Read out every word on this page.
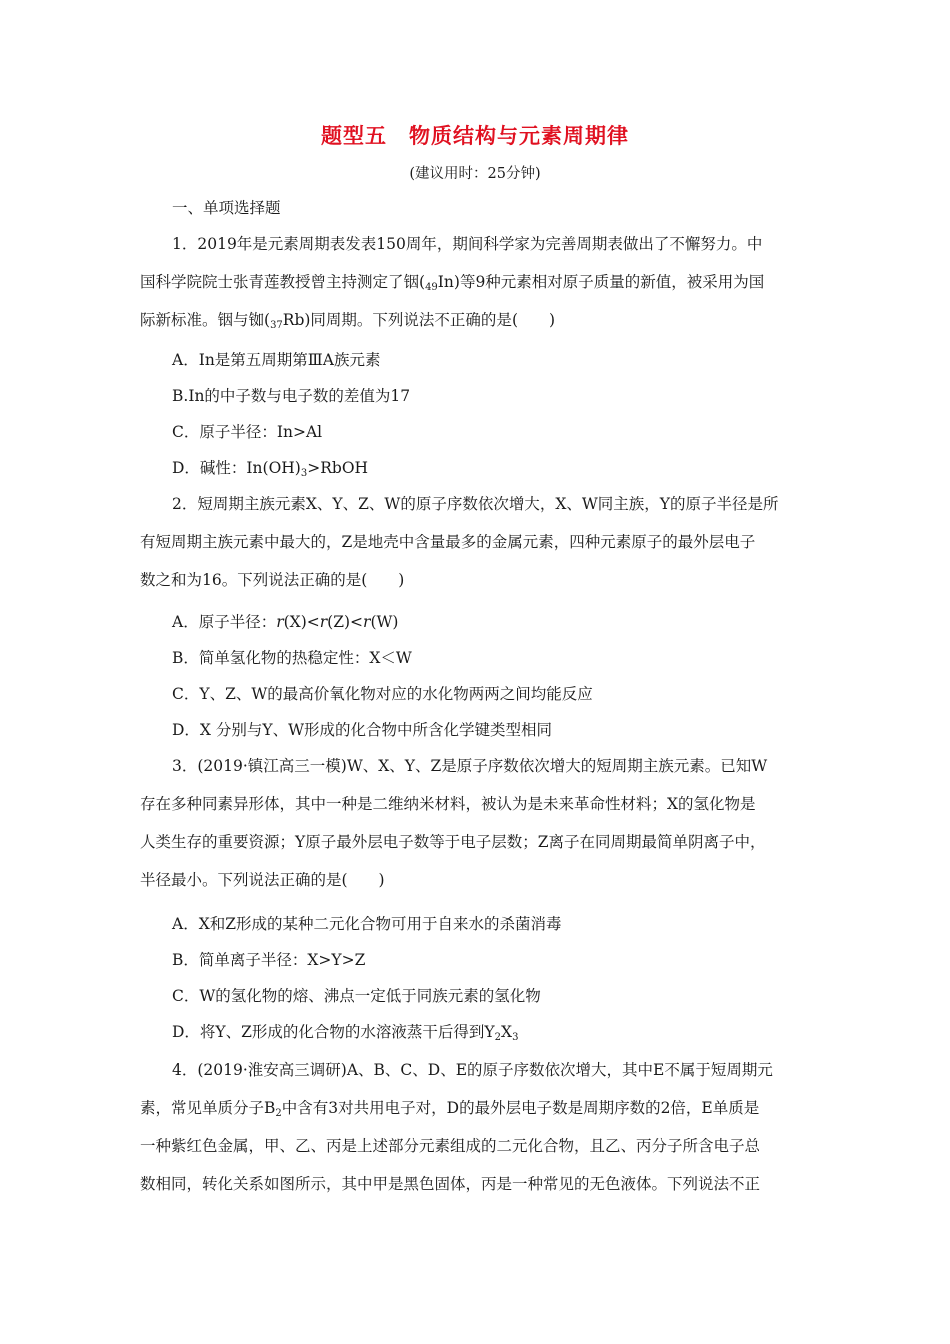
题型五　物质结构与元素周期律
(建议用时：25分钟)
一、单项选择题
1．2019年是元素周期表发表150周年，期间科学家为完善周期表做出了不懈努力。中
国科学院院士张青莲教授曾主持测定了铟(49In)等9种元素相对原子质量的新值，被采用为国
际新标准。铟与铷(37Rb)同周期。下列说法不正确的是(　　)
A．In是第五周期第ⅢA族元素
B.In的中子数与电子数的差值为17
C．原子半径：In>Al
D．碱性：$In(OH)_3>RbOH$
2．短周期主族元素X、Y、Z、W的原子序数依次增大，X、W同主族，Y的原子半径是所
有短周期主族元素中最大的，Z是地壳中含量最多的金属元素，四种元素原子的最外层电子
数之和为16。下列说法正确的是(　　)
A．原子半径：r(X)<r(Z)<r(W)
B．简单氢化物的热稳定性：X＜W
C．Y、Z、W的最高价氧化物对应的水化物两两之间均能反应
D．X 分别与Y、W形成的化合物中所含化学键类型相同
3．(2019·镇江高三一模)W、X、Y、Z是原子序数依次增大的短周期主族元素。已知W
存在多种同素异形体，其中一种是二维纳米材料，被认为是未来革命性材料；X的氢化物是
人类生存的重要资源；Y原子最外层电子数等于电子层数；Z离子在同周期最简单阴离子中，
半径最小。下列说法正确的是(　　)
A．X和Z形成的某种二元化合物可用于自来水的杀菌消毒
B．简单离子半径：X>Y>Z
C．W的氢化物的熔、沸点一定低于同族元素的氢化物
D．将Y、Z形成的化合物的水溶液蒸干后得到$Y_2X_3$
4．(2019·淮安高三调研)A、B、C、D、E的原子序数依次增大，其中E不属于短周期元
素，常见单质分子$B_2$中含有3对共用电子对，D的最外层电子数是周期序数的2倍，E单质是
一种紫红色金属，甲、乙、丙是上述部分元素组成的二元化合物，且乙、丙分子所含电子总
数相同，转化关系如图所示，其中甲是黑色固体，丙是一种常见的无色液体。下列说法不正
